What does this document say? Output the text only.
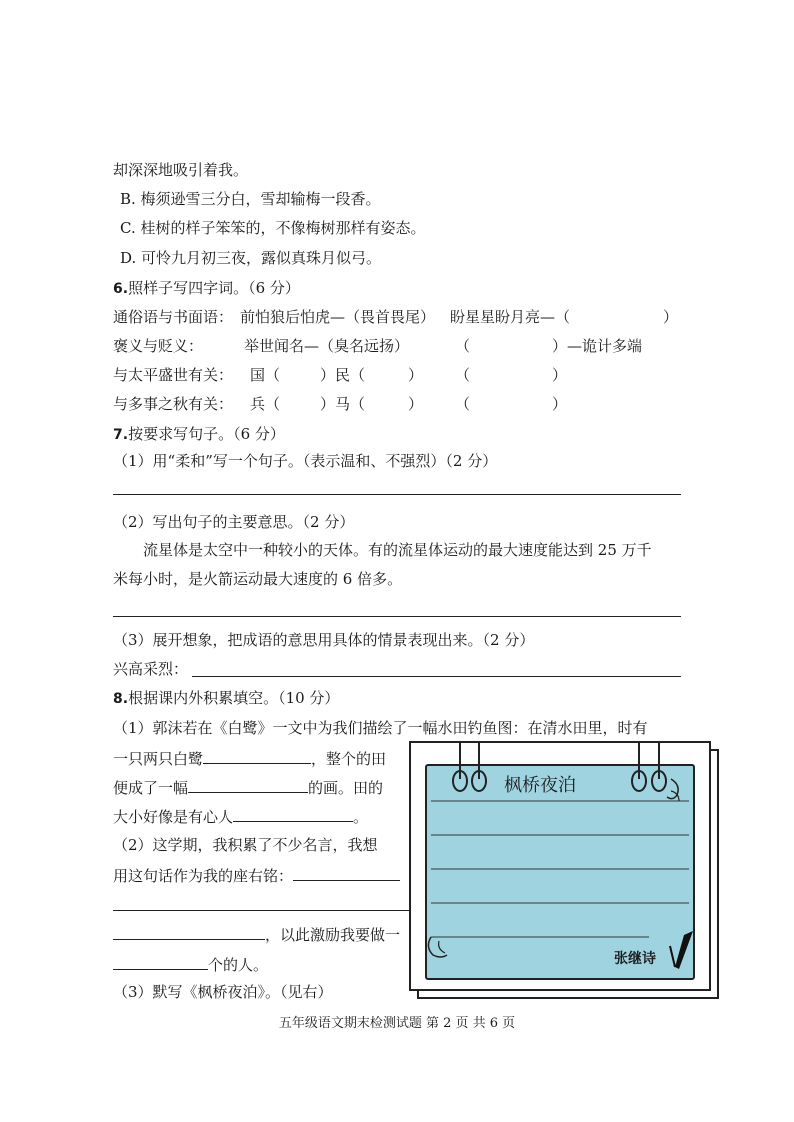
却深深地吸引着我。
B. 梅须逊雪三分白，雪却输梅一段香。
C. 桂树的样子笨笨的，不像梅树那样有姿态。
D. 可怜九月初三夜，露似真珠月似弓。
6.照样子写四字词。（6 分）
通俗语与书面语： 前怕狼后怕虎—（畏首畏尾） 盼星星盼月亮—（	）
褒义与贬义：	举世闻名—（臭名远扬）	（	）—诡计多端
与太平盛世有关： 国（	）民（	） （	）
与多事之秋有关： 兵（	）马（	） （	）
7.按要求写句子。（6 分）
（1）用“柔和”写一个句子。（表示温和、不强烈）（2 分）
（2）写出句子的主要意思。（2 分）
流星体是太空中一种较小的天体。有的流星体运动的最大速度能达到 25 万千
米每小时，是火箭运动最大速度的 6 倍多。
（3）展开想象，把成语的意思用具体的情景表现出来。（2 分）
兴高采烈：
8.根据课内外积累填空。（10 分）
（1）郭沫若在《白鹭》一文中为我们描绘了一幅水田钓鱼图：在清水田里，时有
一只两只白鹭	，整个的田
便成了一幅	的画。田的
大小好像是有心人	。
（2）这学期，我积累了不少名言，我想
用这句话作为我的座右铭：
，以此激励我要做一
个的人。
（3）默写《枫桥夜泊》。（见右）
枫桥夜泊
张继诗
五年级语文期末检测试题 第 2 页 共 6 页
